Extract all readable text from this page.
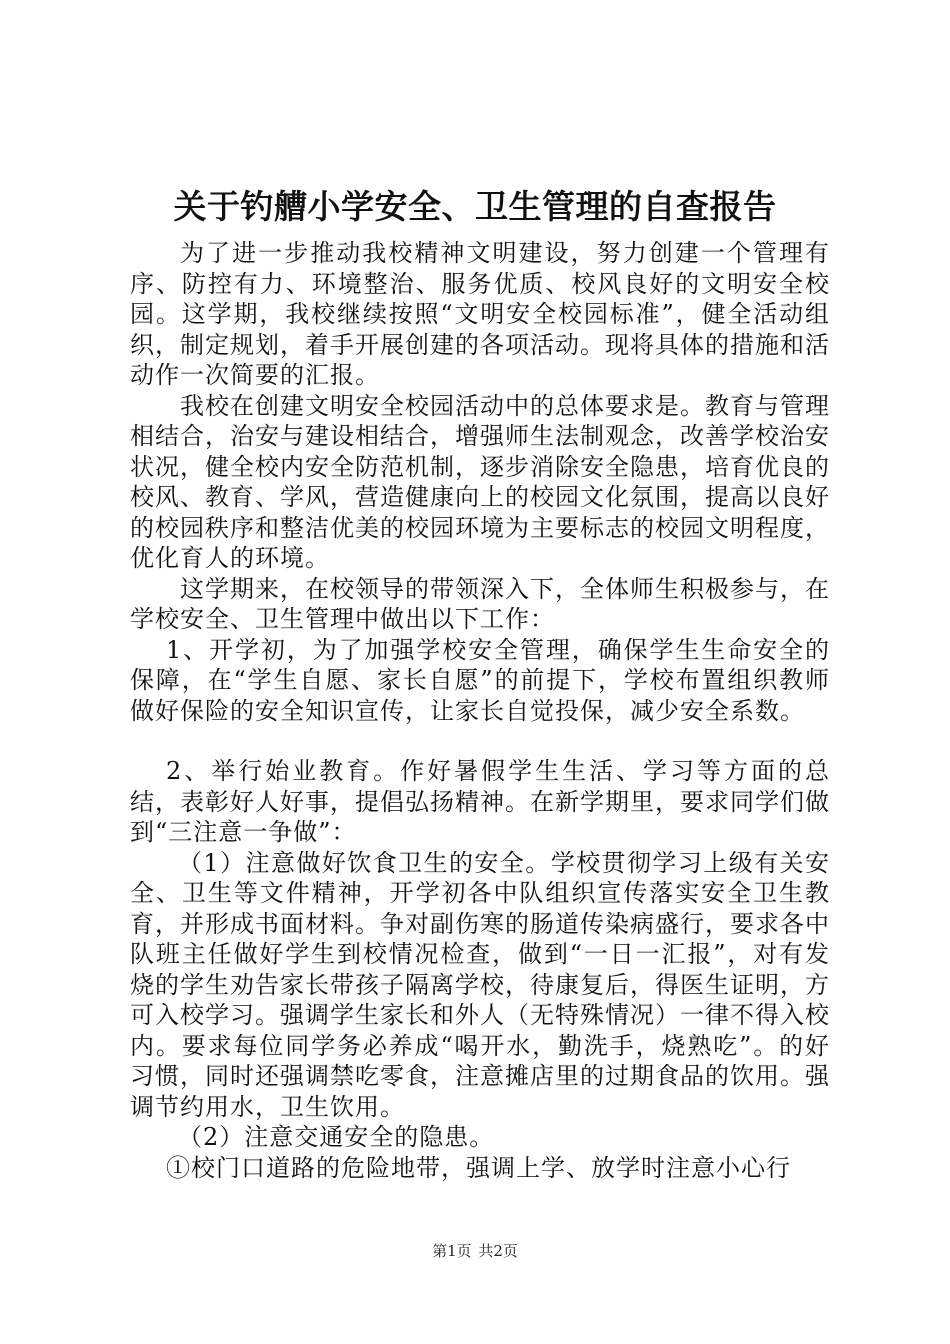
关于钓艚小学安全、卫生管理的自查报告

为了进一步推动我校精神文明建设，努力创建一个管理有序、防控有力、环境整治、服务优质、校风良好的文明安全校园。这学期，我校继续按照“文明安全校园标准”，健全活动组织，制定规划，着手开展创建的各项活动。现将具体的措施和活动作一次简要的汇报。

我校在创建文明安全校园活动中的总体要求是。教育与管理相结合，治安与建设相结合，增强师生法制观念，改善学校治安状况，健全校内安全防范机制，逐步消除安全隐患，培育优良的校风、教育、学风，营造健康向上的校园文化氛围，提高以良好的校园秩序和整洁优美的校园环境为主要标志的校园文明程度，优化育人的环境。

这学期来，在校领导的带领深入下，全体师生积极参与，在学校安全、卫生管理中做出以下工作：

1、开学初，为了加强学校安全管理，确保学生生命安全的保障，在“学生自愿、家长自愿”的前提下，学校布置组织教师做好保险的安全知识宣传，让家长自觉投保，减少安全系数。

2、举行始业教育。作好暑假学生生活、学习等方面的总结，表彰好人好事，提倡弘扬精神。在新学期里，要求同学们做到“三注意一争做”：

（1）注意做好饮食卫生的安全。学校贯彻学习上级有关安全、卫生等文件精神，开学初各中队组织宣传落实安全卫生教育，并形成书面材料。争对副伤寒的肠道传染病盛行，要求各中队班主任做好学生到校情况检查，做到“一日一汇报”，对有发烧的学生劝告家长带孩子隔离学校，待康复后，得医生证明，方可入校学习。强调学生家长和外人（无特殊情况）一律不得入校内。要求每位同学务必养成“喝开水，勤洗手，烧熟吃”。的好习惯，同时还强调禁吃零食，注意摊店里的过期食品的饮用。强调节约用水，卫生饮用。

（2）注意交通安全的隐患。

①校门口道路的危险地带，强调上学、放学时注意小心行

第1页 共2页
